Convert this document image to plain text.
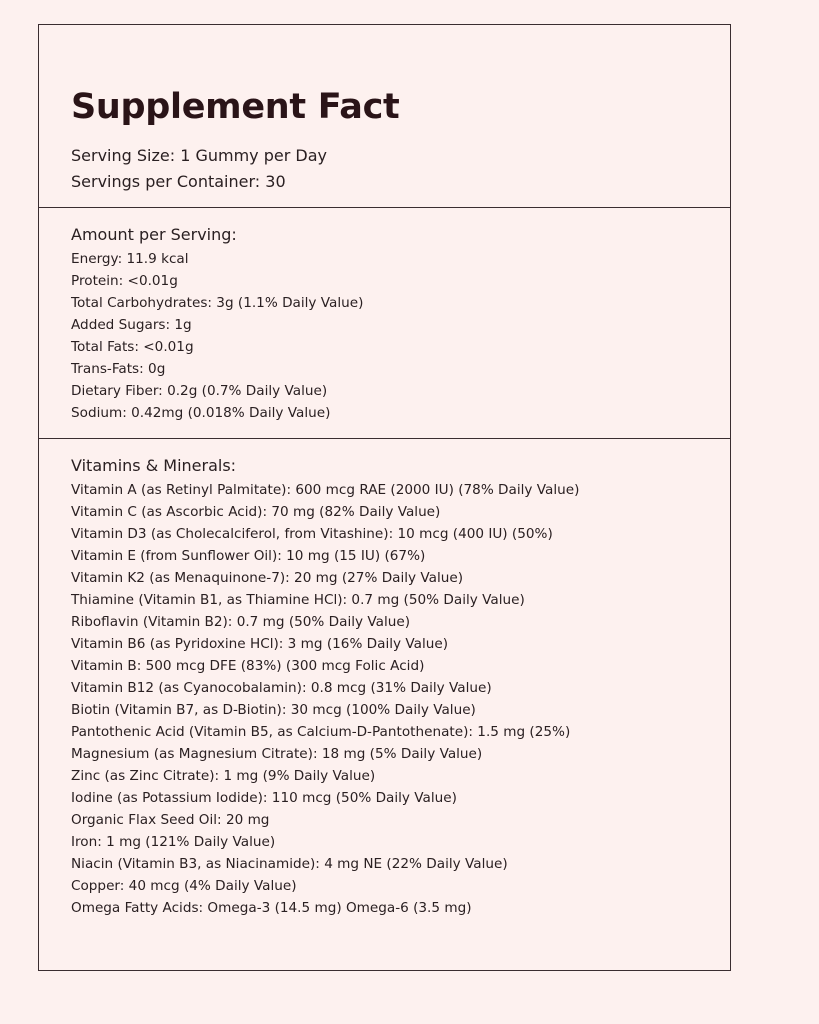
Supplement Fact
Serving Size: 1 Gummy per Day
Servings per Container: 30
Amount per Serving:
Energy: 11.9 kcal
Protein: <0.01g
Total Carbohydrates: 3g (1.1% Daily Value)
Added Sugars: 1g
Total Fats: <0.01g
Trans-Fats: 0g
Dietary Fiber: 0.2g (0.7% Daily Value)
Sodium: 0.42mg (0.018% Daily Value)
Vitamins & Minerals:
Vitamin A (as Retinyl Palmitate): 600 mcg RAE (2000 IU) (78% Daily Value)
Vitamin C (as Ascorbic Acid): 70 mg (82% Daily Value)
Vitamin D3 (as Cholecalciferol, from Vitashine): 10 mcg (400 IU) (50%)
Vitamin E (from Sunflower Oil): 10 mg (15 IU) (67%)
Vitamin K2 (as Menaquinone-7): 20 mg (27% Daily Value)
Thiamine (Vitamin B1, as Thiamine HCl): 0.7 mg (50% Daily Value)
Riboflavin (Vitamin B2): 0.7 mg (50% Daily Value)
Vitamin B6 (as Pyridoxine HCl): 3 mg (16% Daily Value)
Vitamin B: 500 mcg DFE (83%) (300 mcg Folic Acid)
Vitamin B12 (as Cyanocobalamin): 0.8 mcg (31% Daily Value)
Biotin (Vitamin B7, as D-Biotin): 30 mcg (100% Daily Value)
Pantothenic Acid (Vitamin B5, as Calcium-D-Pantothenate): 1.5 mg (25%)
Magnesium (as Magnesium Citrate): 18 mg (5% Daily Value)
Zinc (as Zinc Citrate): 1 mg (9% Daily Value)
Iodine (as Potassium Iodide): 110 mcg (50% Daily Value)
Organic Flax Seed Oil: 20 mg
Iron: 1 mg (121% Daily Value)
Niacin (Vitamin B3, as Niacinamide): 4 mg NE (22% Daily Value)
Copper: 40 mcg (4% Daily Value)
Omega Fatty Acids: Omega-3 (14.5 mg) Omega-6 (3.5 mg)
